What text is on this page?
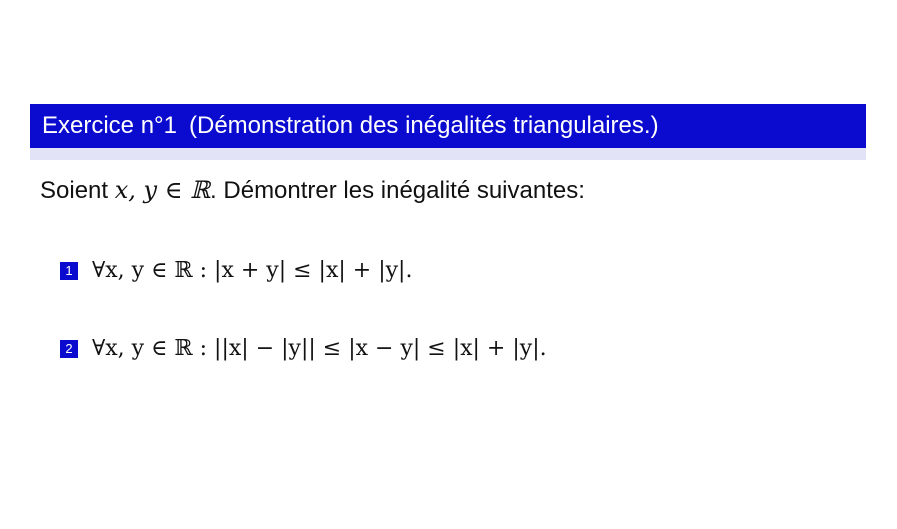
Exercice n°1 (Démonstration des inégalités triangulaires.)
Soient x, y ∈ ℝ. Démontrer les inégalité suivantes:
1 ∀x, y ∈ ℝ : |x + y| ≤ |x| + |y|.
2 ∀x, y ∈ ℝ : ||x| − |y|| ≤ |x − y| ≤ |x| + |y|.
